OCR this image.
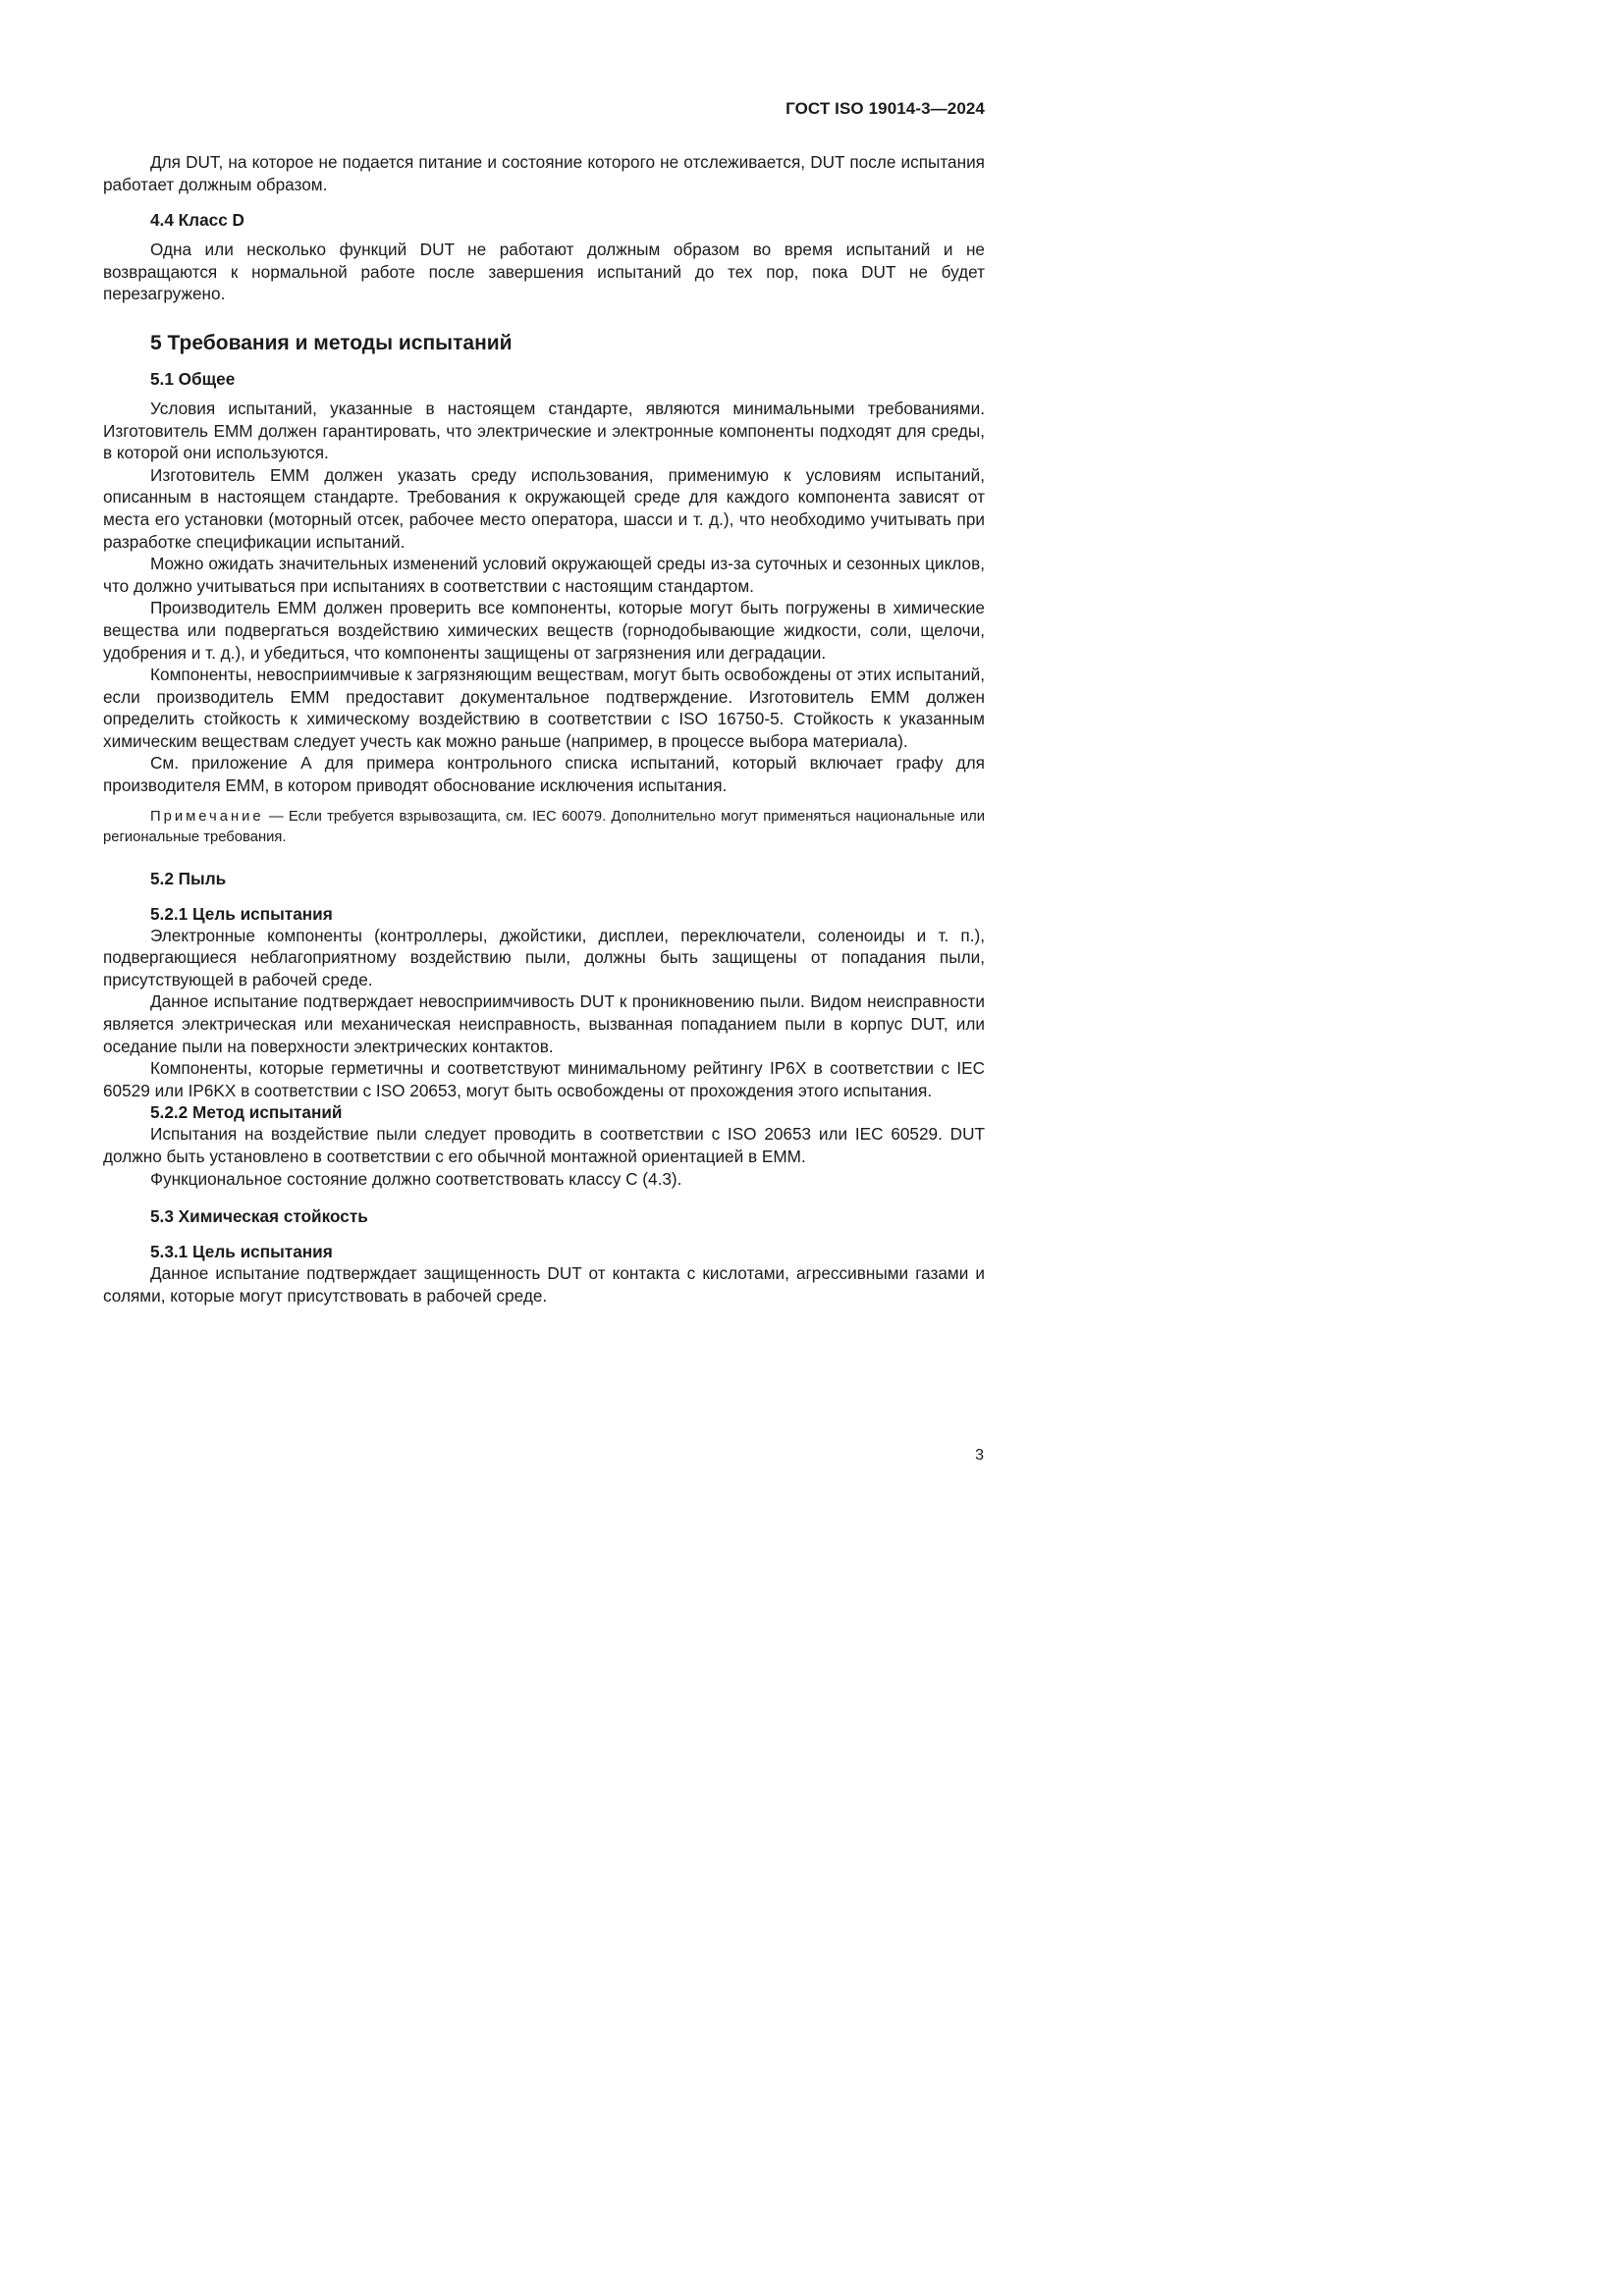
ГОСТ ISO 19014-3—2024

Для DUT, на которое не подается питание и состояние которого не отслеживается, DUT после испытания работает должным образом.

4.4 Класс D

Одна или несколько функций DUT не работают должным образом во время испытаний и не возвращаются к нормальной работе после завершения испытаний до тех пор, пока DUT не будет перезагружено.

5 Требования и методы испытаний
5.1 Общее

Условия испытаний, указанные в настоящем стандарте, являются минимальными требованиями. Изготовитель ЕММ должен гарантировать, что электрические и электронные компоненты подходят для среды, в которой они используются.

Изготовитель ЕММ должен указать среду использования, применимую к условиям испытаний, описанным в настоящем стандарте. Требования к окружающей среде для каждого компонента зависят от места его установки (моторный отсек, рабочее место оператора, шасси и т. д.), что необходимо учитывать при разработке спецификации испытаний.

Можно ожидать значительных изменений условий окружающей среды из-за суточных и сезонных циклов, что должно учитываться при испытаниях в соответствии с настоящим стандартом.

Производитель ЕММ должен проверить все компоненты, которые могут быть погружены в химические вещества или подвергаться воздействию химических веществ (горнодобывающие жидкости, соли, щелочи, удобрения и т. д.), и убедиться, что компоненты защищены от загрязнения или деградации.

Компоненты, невосприимчивые к загрязняющим веществам, могут быть освобождены от этих испытаний, если производитель ЕММ предоставит документальное подтверждение. Изготовитель ЕММ должен определить стойкость к химическому воздействию в соответствии с ISO 16750-5. Стойкость к указанным химическим веществам следует учесть как можно раньше (например, в процессе выбора материала).

См. приложение А для примера контрольного списка испытаний, который включает графу для производителя ЕММ, в котором приводят обоснование исключения испытания.

Примечание — Если требуется взрывозащита, см. IEC 60079. Дополнительно могут применяться национальные или региональные требования.
5.2 Пыль
5.2.1 Цель испытания

Электронные компоненты (контроллеры, джойстики, дисплеи, переключатели, соленоиды и т. п.), подвергающиеся неблагоприятному воздействию пыли, должны быть защищены от попадания пыли, присутствующей в рабочей среде.

Данное испытание подтверждает невосприимчивость DUT к проникновению пыли. Видом неисправности является электрическая или механическая неисправность, вызванная попаданием пыли в корпус DUT, или оседание пыли на поверхности электрических контактов.

Компоненты, которые герметичны и соответствуют минимальному рейтингу IP6X в соответствии с IEC 60529 или IP6KX в соответствии с ISO 20653, могут быть освобождены от прохождения этого испытания.

5.2.2 Метод испытаний

Испытания на воздействие пыли следует проводить в соответствии с ISO 20653 или IEC 60529. DUT должно быть установлено в соответствии с его обычной монтажной ориентацией в ЕММ.

Функциональное состояние должно соответствовать классу С (4.3).

5.3 Химическая стойкость
5.3.1 Цель испытания

Данное испытание подтверждает защищенность DUT от контакта с кислотами, агрессивными газами и солями, которые могут присутствовать в рабочей среде.

3
